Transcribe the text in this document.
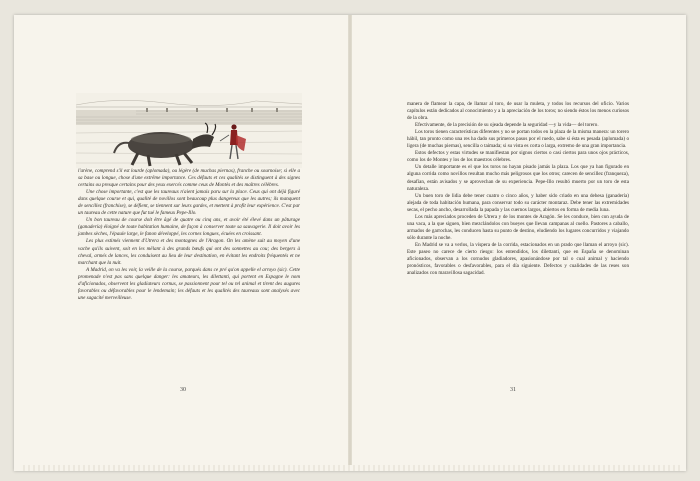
l'arène, comprend s'il est lourde (aplomada), ou légère (de muchas piernas), franche ou sournoise; si elle a sa base ou longue, chose d'une extrême importance. Ces défauts et ces qualités se distinguent à des signes certains ou presque certains pour des yeux exercés comme ceux de Montès et des maîtres célèbres.

Une chose importante, c'est que les taureaux n'aient jamais paru sur la place. Ceux qui ont déjà figuré dans quelque course et qui, qualité de novillos sont beaucoup plus dangereux que les autres; ils manquent de sencillez (franchise), se défient, se tiennent sur leurs gardes, et mettent à profit leur expérience. C'est par un taureau de cette nature que fut tué le fameux Pepe-Illo.

Un bon taureau de course doit être âgé de quatre ou cinq ans, et avoir été élevé dans un pâturage (ganadería) éloigné de toute habitation humaine, de façon à conserver toute sa sauvagerie. Il doit avoir les jambes sèches, l'épaule large, le fanon développé, les cornes longues, écuées en croissant.

Les plus estimés viennent d'Utrera et des montagnes de l'Aragon. On les amène suit au moyen d'une vache qu'ils suivent, soit en les mêlant à des grands bœufs qui ont des sonnettes au cou; des bergers à cheval, armés de lances, les conduisent au lieu de leur destination, en évitant les endroits fréquentés et ne marchant que la nuit.

A Madrid, on va les voir, la veille de la course, parqués dans ce pré qu'on appelle el arroyo (sic). Cette promenade n'est pas sans quelque danger: les amateurs, les dilettanti, qui portent en Espagne le nom d'aficionados, observent les gladiateurs cornus, se passionnent pour tel ou tel animal et tirent des augures favorables ou défavorables pour le lendemain; les défauts et les qualités des taureaux sont analysés avec une sagacité merveilleuse.

30

manera de flamear la capa, de llamar al toro, de usar la muleta, y todos los recursos del oficio. Varios capítulos están dedicados al conocimiento y a la apreciación de los toros; no siendo éstos los menos curiosos de la obra.

Efectivamente, de la precisión de su ojeada depende la seguridad —y la vida— del torero.

Los toros tienen características diferentes y no se portan todos en la plaza de la misma manera: un torero hábil, tan pronto como una res ha dado sus primeros pasos por el ruedo, sabe si ésta es pesada (aplomada) o ligera (de muchas piernas), sencilla o taimada; si su vista es corta o larga, extremo de una gran importancia.

Estos defectos y estas virtudes se manifiestan por signos ciertos o casi ciertos para unos ojos prácticos, como los de Montes y los de los maestros célebres.

Un detalle importante es el que los toros no hayan pisado jamás la plaza. Los que ya han figurado en alguna corrida como novillos resultan mucho más peligrosos que los otros; carecen de sencillez (franqueza), desafían, están avisados y se aprovechan de su experiencia. Pepe-Illo resultó muerto por un toro de esta naturaleza.

Un buen toro de lidia debe tener cuatro o cinco años, y haber sido criado en una dehesa (ganadería) alejada de toda habitación humana, para conservar todo su carácter montaraz. Debe tener las extremidades secas, el pecho ancho, desarrollada la papada y las cuernos largos, abiertos en forma de media luna.

Los más apreciados proceden de Utrera y de los montes de Aragón. Se les conduce, bien con ayuda de una vaca, a la que siguen, bien mezclándolos con bueyes que llevan campanas al cuello. Pastores a caballo, armados de garrochas, les conducen hasta su punto de destino, eludiendo los lugares concurridos y viajando sólo durante la noche.

En Madrid se va a verlos, la víspera de la corrida, estacionados en un prado que llaman el arroyo (sic). Este paseo no carece de cierto riesgo: los entendidos, los dilettanti, que en España se denominan aficionados, observan a los cornudos gladiadores, apasionándose por tal o cual animal y haciendo pronósticos, favorables o desfavorables, para el día siguiente. Defectos y cualidades de las reses son analizados con maravillosa sagacidad.

31
